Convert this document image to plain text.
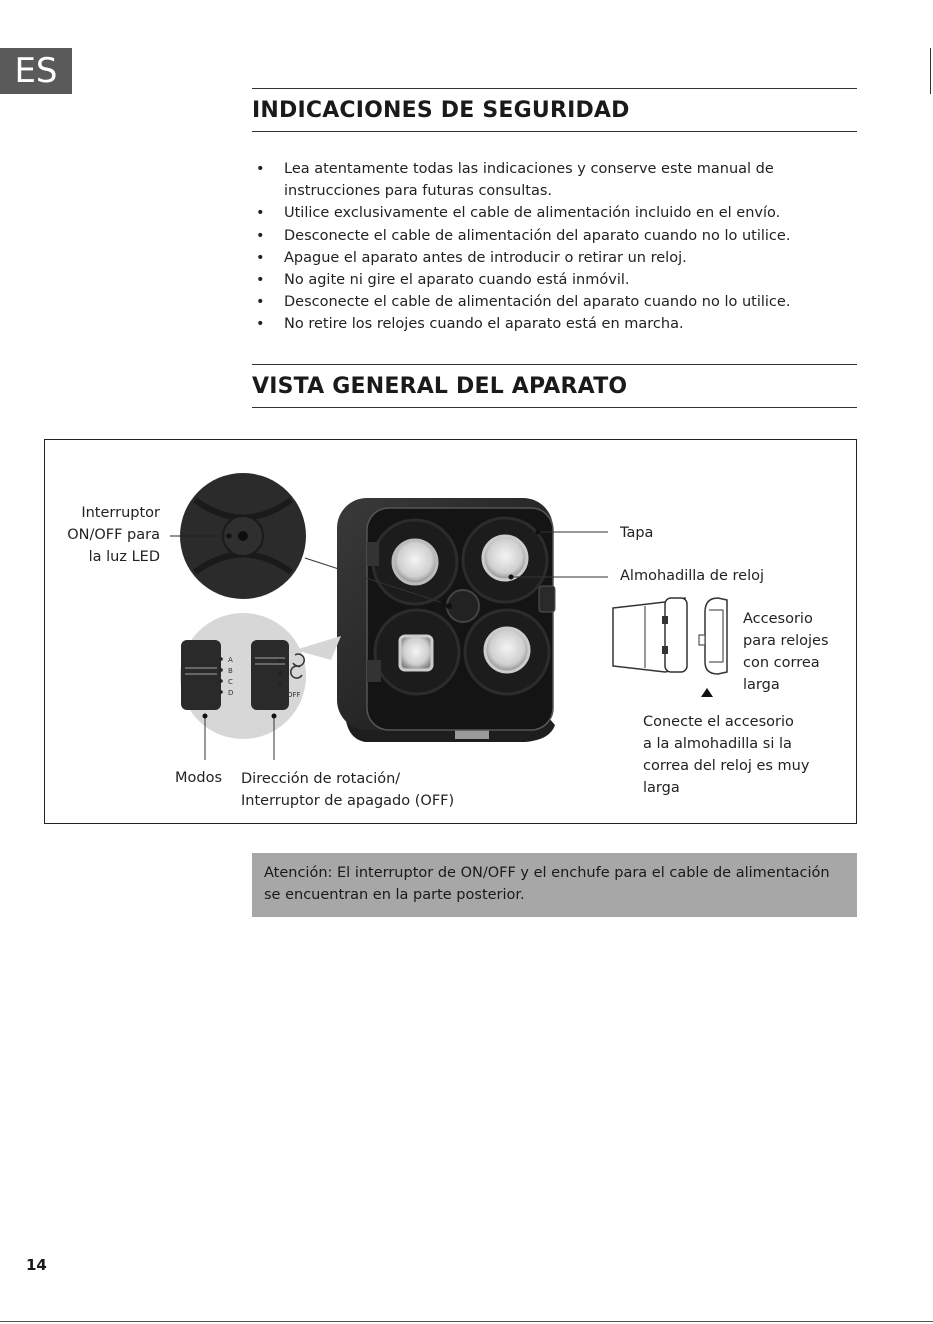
ES
INDICACIONES DE SEGURIDAD
• Lea atentamente todas las indicaciones y conserve este manual de instrucciones para futuras consultas.
• Utilice exclusivamente el cable de alimentación incluido en el envío.
• Desconecte el cable de alimentación del aparato cuando no lo utilice.
• Apague el aparato antes de introducir o retirar un reloj.
• No agite ni gire el aparato cuando está inmóvil.
• Desconecte el cable de alimentación del aparato cuando no lo utilice.
• No retire los relojes cuando el aparato está en marcha.
VISTA GENERAL DEL APARATO
A
B
C
D	OFF
Interruptor
ON/OFF para
la luz LED
Tapa
Almohadilla de reloj
Accesorio
para relojes
con correa
larga
Conecte el accesorio
a la almohadilla si la
correa del reloj es muy
larga
Modos Dirección de rotación/
Interruptor de apagado (OFF)
Atención: El interruptor de ON/OFF y el enchufe para el cable de alimentación se encuentran en la parte posterior.
14
